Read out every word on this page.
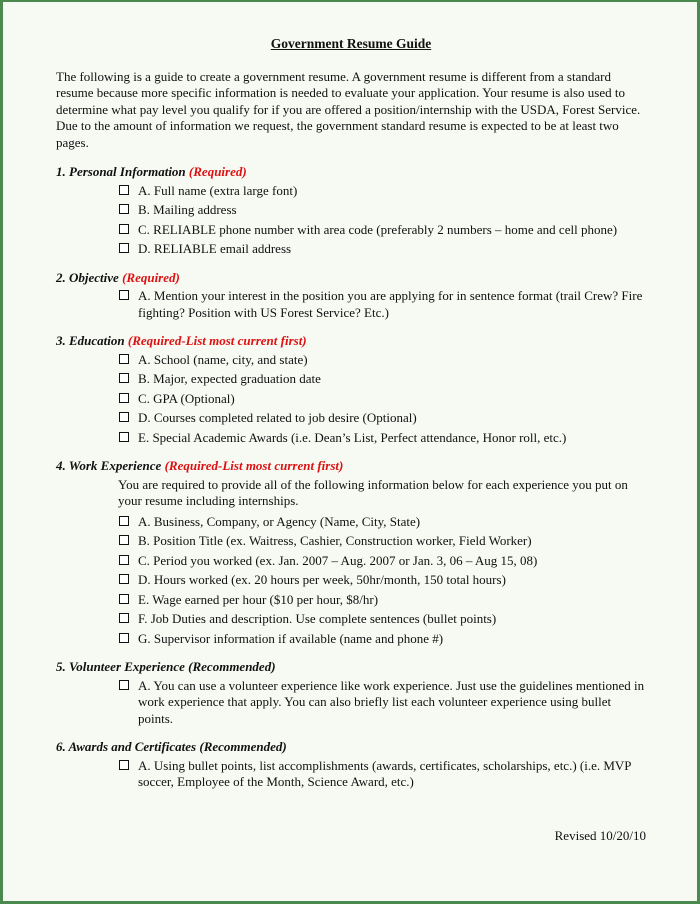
Government Resume Guide
The following is a guide to create a government resume. A government resume is different from a standard resume because more specific information is needed to evaluate your application. Your resume is also used to determine what pay level you qualify for if you are offered a position/internship with the USDA, Forest Service. Due to the amount of information we request, the government standard resume is expected to be at least two pages.
1. Personal Information (Required)
A. Full name (extra large font)
B. Mailing address
C. RELIABLE phone number with area code (preferably 2 numbers – home and cell phone)
D. RELIABLE email address
2. Objective (Required)
A. Mention your interest in the position you are applying for in sentence format (trail Crew? Fire fighting? Position with US Forest Service? Etc.)
3. Education (Required-List most current first)
A. School (name, city, and state)
B. Major, expected graduation date
C. GPA (Optional)
D. Courses completed related to job desire (Optional)
E. Special Academic Awards (i.e. Dean’s List, Perfect attendance, Honor roll, etc.)
4. Work Experience (Required-List most current first)
You are required to provide all of the following information below for each experience you put on your resume including internships.
A. Business, Company, or Agency (Name, City, State)
B. Position Title (ex. Waitress, Cashier, Construction worker, Field Worker)
C. Period you worked (ex. Jan. 2007 – Aug. 2007 or Jan. 3, 06 – Aug 15, 08)
D. Hours worked (ex. 20 hours per week, 50hr/month, 150 total hours)
E. Wage earned per hour ($10 per hour, $8/hr)
F. Job Duties and description. Use complete sentences (bullet points)
G. Supervisor information if available (name and phone #)
5. Volunteer Experience (Recommended)
A. You can use a volunteer experience like work experience. Just use the guidelines mentioned in work experience that apply. You can also briefly list each volunteer experience using bullet points.
6. Awards and Certificates (Recommended)
A. Using bullet points, list accomplishments (awards, certificates, scholarships, etc.) (i.e. MVP soccer, Employee of the Month, Science Award, etc.)
Revised 10/20/10
